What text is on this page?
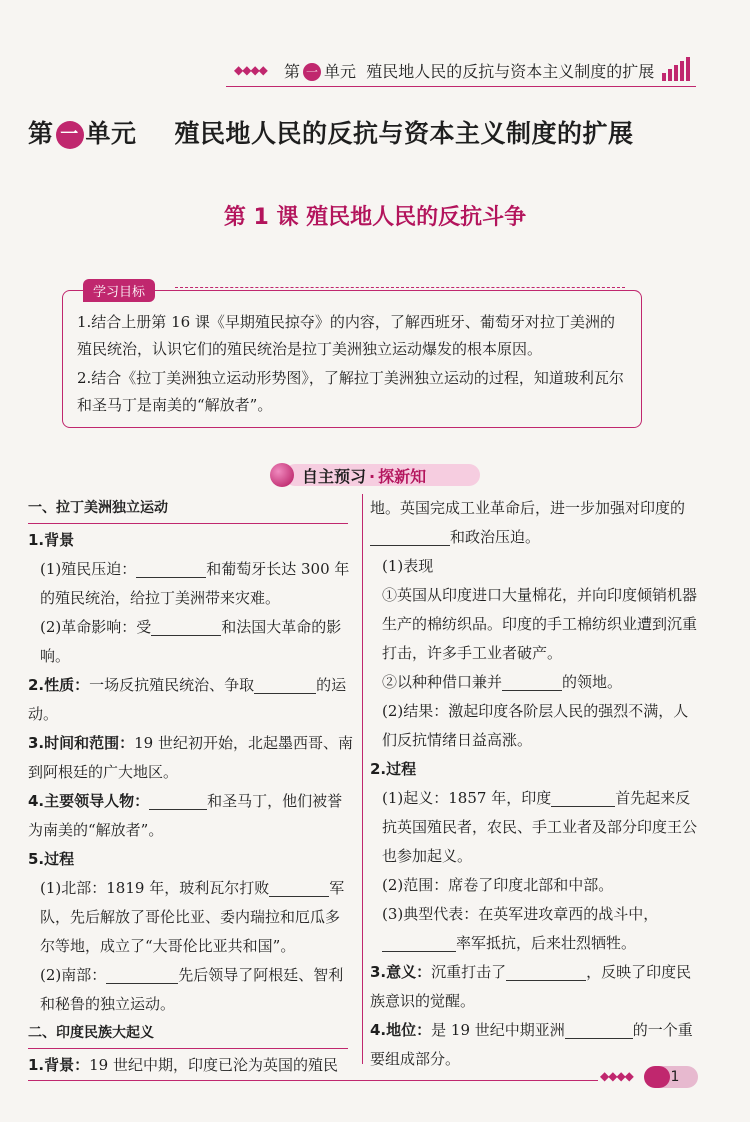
◆◆◆◆ 第 一 单元 殖民地人民的反抗与资本主义制度的扩展
第 一 单元 殖民地人民的反抗与资本主义制度的扩展
第 1 课 殖民地人民的反抗斗争
学习目标

1.结合上册第 16 课《早期殖民掠夺》的内容，了解西班牙、葡萄牙对拉丁美洲的殖民统治，认识它们的殖民统治是拉丁美洲独立运动爆发的根本原因。

2.结合《拉丁美洲独立运动形势图》，了解拉丁美洲独立运动的过程，知道玻利瓦尔和圣马丁是南美的“解放者”。

自主预习 · 探新知
一、拉丁美洲独立运动
1.背景

(1)殖民压迫：	和葡萄牙长达 300 年的殖民统治，给拉丁美洲带来灾难。

(2)革命影响：受	和法国大革命的影响。

2.性质：一场反抗殖民统治、争取	的运动。

3.时间和范围：19 世纪初开始，北起墨西哥、南到阿根廷的广大地区。

4.主要领导人物：	和圣马丁，他们被誉为南美的“解放者”。

5.过程

(1)北部：1819 年，玻利瓦尔打败	军队，先后解放了哥伦比亚、委内瑞拉和厄瓜多尔等地，成立了“大哥伦比亚共和国”。

(2)南部：	先后领导了阿根廷、智利和秘鲁的独立运动。

二、印度民族大起义

1.背景：19 世纪中期，印度已沦为英国的殖民

地。英国完成工业革命后，进一步加强对印度的和政治压迫。

(1)表现

①英国从印度进口大量棉花，并向印度倾销机器生产的棉纺织品。印度的手工棉纺织业遭到沉重打击，许多手工业者破产。

②以种种借口兼并	的领地。

(2)结果：激起印度各阶层人民的强烈不满，人们反抗情绪日益高涨。

2.过程

(1)起义：1857 年，印度	首先起来反抗英国殖民者，农民、手工业者及部分印度王公也参加起义。

(2)范围：席卷了印度北部和中部。

(3)典型代表：在英军进攻章西的战斗中，率军抵抗，后来壮烈牺牲。

3.意义：沉重打击了	，反映了印度民族意识的觉醒。

4.地位：是 19 世纪中期亚洲	的一个重要组成部分。

◆◆◆◆	1
